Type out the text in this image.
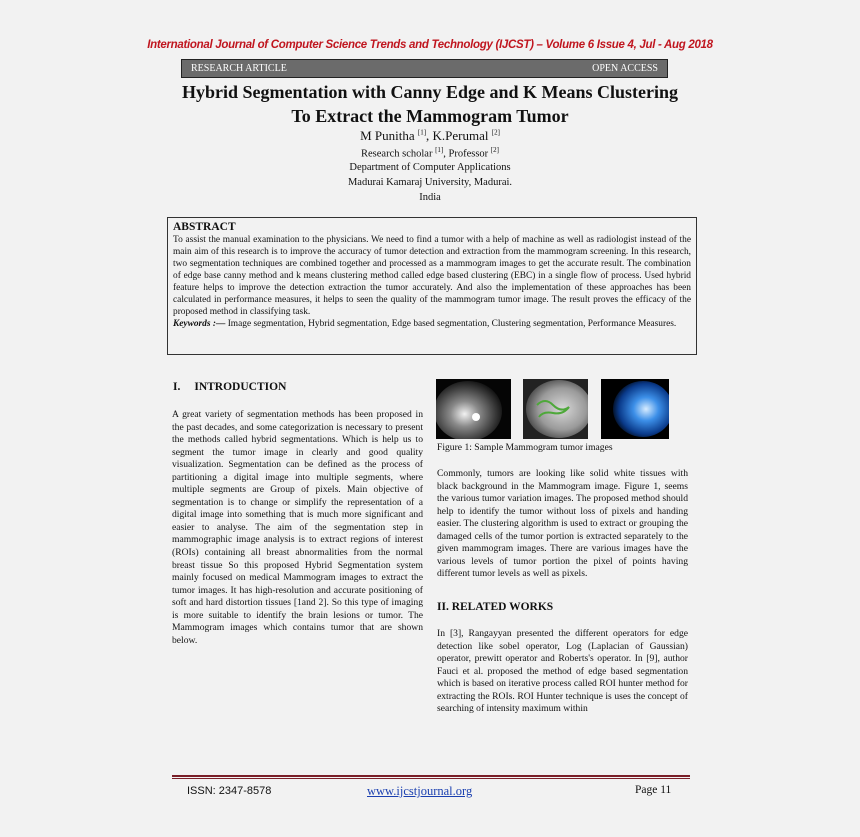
International Journal of Computer Science Trends and Technology (IJCST) – Volume 6 Issue 4, Jul - Aug 2018
RESEARCH ARTICLE	OPEN ACCESS
Hybrid Segmentation with Canny Edge and K Means Clustering
To Extract the Mammogram Tumor
M Punitha [1], K.Perumal [2]
Research scholar [1], Professor [2]
Department of Computer Applications
Madurai Kamaraj University, Madurai.
India
ABSTRACT

To assist the manual examination to the physicians. We need to find a tumor with a help of machine as well as radiologist instead of the main aim of this research is to improve the accuracy of tumor detection and extraction from the mammogram screening. In this research, two segmentation techniques are combined together and processed as a mammogram images to get the accurate result. The combination of edge base canny method and k means clustering method called edge based clustering (EBC) in a single flow of process. Used hybrid feature helps to improve the detection extraction the tumor accurately. And also the implementation of these approaches has been calculated in performance measures, it helps to seen the quality of the mammogram tumor image. The result proves the efficacy of the proposed method in classifying task.

Keywords :— Image segmentation, Hybrid segmentation, Edge based segmentation, Clustering segmentation, Performance Measures.

I. INTRODUCTION

A great variety of segmentation methods has been proposed in the past decades, and some categorization is necessary to present the methods called hybrid segmentations. Which is help us to segment the tumor image in clearly and good quality visualization. Segmentation can be defined as the process of partitioning a digital image into multiple segments, where multiple segments are Group of pixels. Main objective of segmentation is to change or simplify the representation of a digital image into something that is much more significant and easier to analyse. The aim of the segmentation step in mammographic image analysis is to extract regions of interest (ROIs) containing all breast abnormalities from the normal breast tissue So this proposed Hybrid Segmentation system mainly focused on medical Mammogram images to extract the tumor images. It has high-resolution and accurate positioning of soft and hard distortion tissues [1and 2]. So this type of imaging is more suitable to identify the brain lesions or tumor. The Mammogram images which contains tumor that are shown below.

Figure 1: Sample Mammogram tumor images

Commonly, tumors are looking like solid white tissues with black background in the Mammogram image. Figure 1, seems the various tumor variation images. The proposed method should help to identify the tumor without loss of pixels and handing easier. The clustering algorithm is used to extract or grouping the damaged cells of the tumor portion is extracted separately to the given mammogram images. There are various images have the various levels of tumor portion the pixel of points having different tumor levels as well as pixels.

II. RELATED WORKS

In [3], Rangayyan presented the different operators for edge detection like sobel operator, Log (Laplacian of Gaussian) operator, prewitt operator and Roberts's operator. In [9], author Fauci et al. proposed the method of edge based segmentation which is based on iterative process called ROI hunter method for extracting the ROIs. ROI Hunter technique is uses the concept of searching of intensity maximum within

ISSN: 2347-8578	www.ijcstjournal.org	Page 11
